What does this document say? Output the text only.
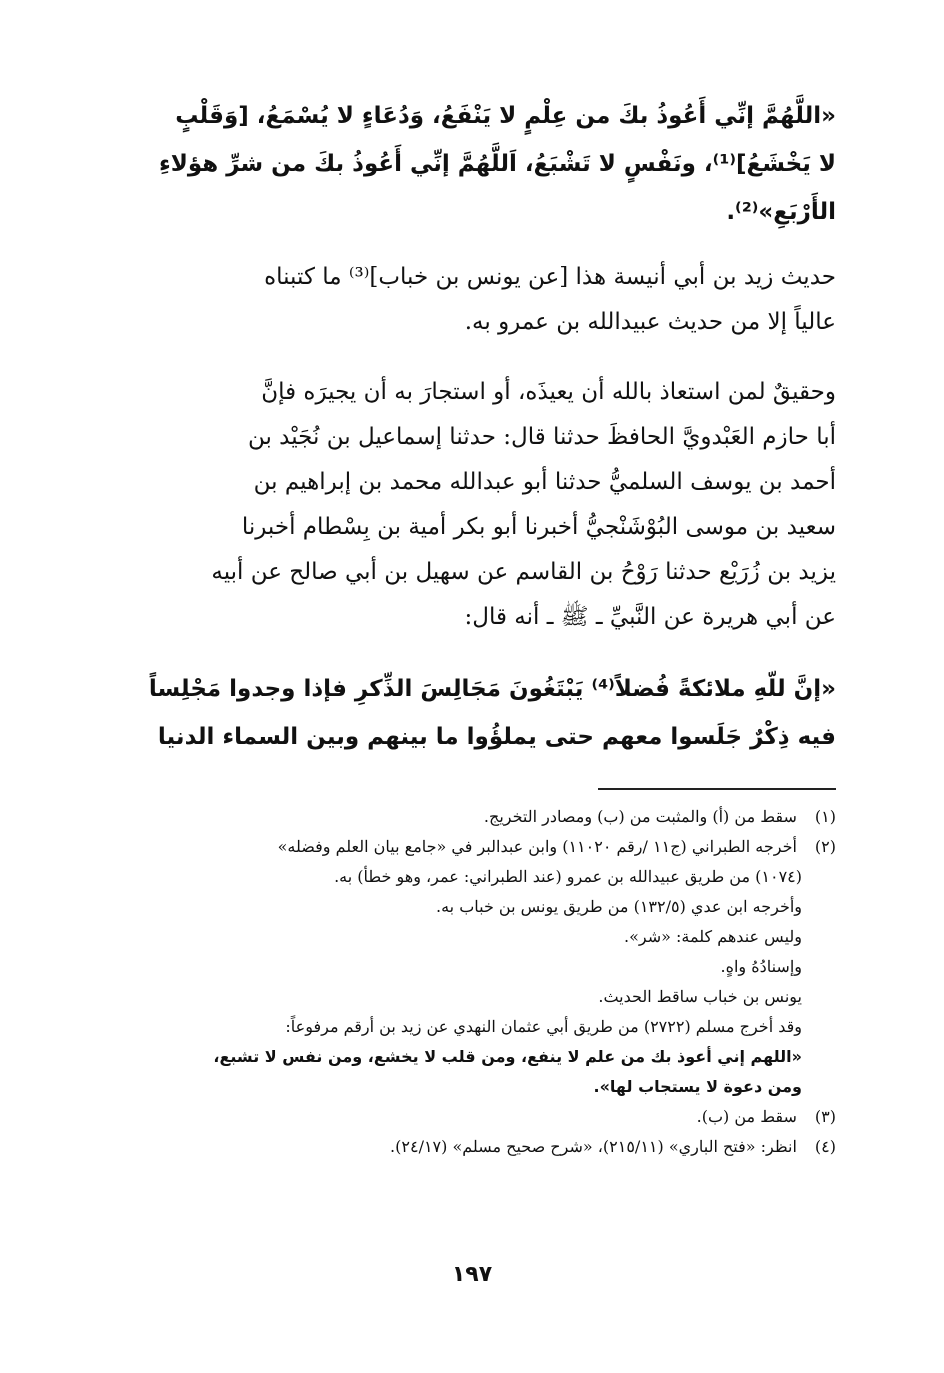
«اللَّهُمَّ إنِّي أَعُوذُ بكَ من عِلْمٍ لا يَنْفَعُ، وَدُعَاءٍ لا يُسْمَعُ، [وَقَلْبٍ
لا يَخْشَعُ]⁽¹⁾، ونَفْسٍ لا تَشْبَعُ، اَللَّهُمَّ إنِّي أَعُوذُ بكَ من شرِّ هؤلاءِ
الأَرْبَعِ»⁽²⁾.
حديث زيد بن أبي أنيسة هذا [عن يونس بن خباب]⁽³⁾ ما كتبناه
عالياً إلا من حديث عبيدالله بن عمرو به.
وحقيقٌ لمن استعاذ بالله أن يعيذَه، أو استجارَ به أن يجيرَه فإنَّ
أبا حازم العَبْدويَّ الحافظَ حدثنا قال: حدثنا إسماعيل بن نُجَيْد بن
أحمد بن يوسف السلميُّ حدثنا أبو عبدالله محمد بن إبراهيم بن
سعيد بن موسى البُوْشَنْجيُّ أخبرنا أبو بكر أمية بن بِسْطام أخبرنا
يزيد بن زُرَيْع حدثنا رَوْحُ بن القاسم عن سهيل بن أبي صالح عن أبيه
عن أبي هريرة عن النَّبيِّ ـ ﷺ ـ أنه قال:
«إنَّ للّهِ ملائكةً فُضلاً⁽⁴⁾ يَبْتَغُونَ مَجَالِسَ الذِّكرِ فإذا وجدوا مَجْلِساً
فيه ذِكْرٌ جَلَسوا معهم حتى يملؤُوا ما بينهم وبين السماء الدنيا
(١) سقط من (أ) والمثبت من (ب) ومصادر التخريج.
(٢) أخرجه الطبراني (ج١١ /رقم ١١٠٢٠) وابن عبدالبر في «جامع بيان العلم وفضله»
(١٠٧٤) من طريق عبيدالله بن عمرو (عند الطبراني: عمر، وهو خطأ) به.
وأخرجه ابن عدي (١٣٢/٥) من طريق يونس بن خباب به.
وليس عندهم كلمة: «شر».
وإسنادُهُ واهٍ.
يونس بن خباب ساقط الحديث.
وقد أخرج مسلم (٢٧٢٢) من طريق أبي عثمان النهدي عن زيد بن أرقم مرفوعاً:
«اللهم إني أعوذ بك من علم لا ينفع، ومن قلب لا يخشع، ومن نفس لا تشبع،
ومن دعوة لا يستجاب لها».
(٣) سقط من (ب).
(٤) انظر: «فتح الباري» (٢١٥/١١)، «شرح صحيح مسلم» (٢٤/١٧).
١٩٧
